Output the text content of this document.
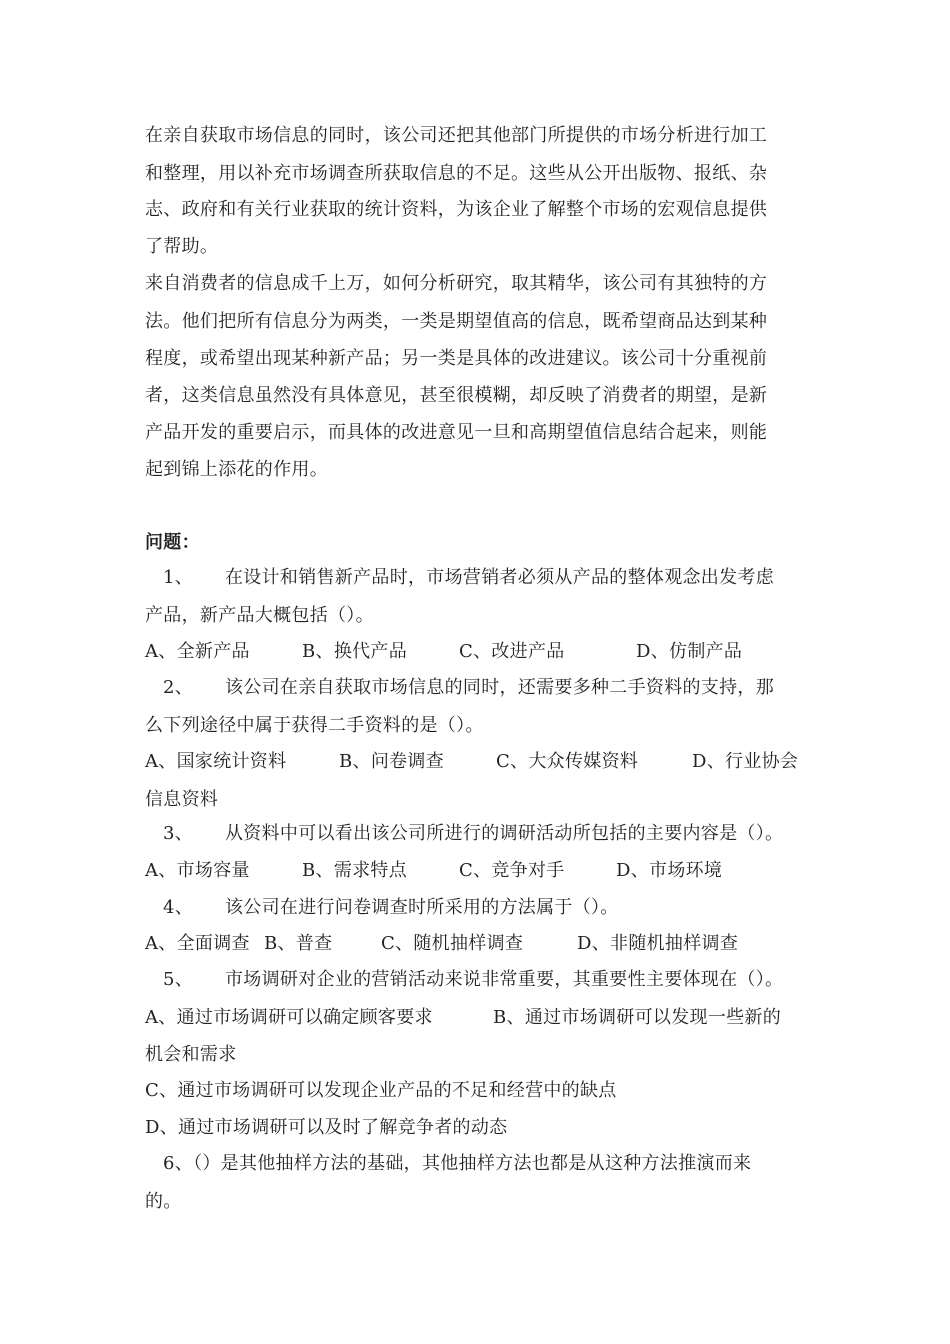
在亲自获取市场信息的同时，该公司还把其他部门所提供的市场分析进行加工
和整理，用以补充市场调查所获取信息的不足。这些从公开出版物、报纸、杂
志、政府和有关行业获取的统计资料，为该企业了解整个市场的宏观信息提供
了帮助。
来自消费者的信息成千上万，如何分析研究，取其精华，该公司有其独特的方
法。他们把所有信息分为两类，一类是期望值高的信息，既希望商品达到某种
程度，或希望出现某种新产品；另一类是具体的改进建议。该公司十分重视前
者，这类信息虽然没有具体意见，甚至很模糊，却反映了消费者的期望，是新
产品开发的重要启示，而具体的改进意见一旦和高期望值信息结合起来，则能
起到锦上添花的作用。
问题：
1、 在设计和销售新产品时，市场营销者必须从产品的整体观念出发考虑
产品，新产品大概包括（）。
A、全新产品	B、换代产品	C、改进产品	D、仿制产品
2、 该公司在亲自获取市场信息的同时，还需要多种二手资料的支持，那
么下列途径中属于获得二手资料的是（）。
A、国家统计资料	B、问卷调查	C、大众传媒资料	D、行业协会
信息资料
3、 从资料中可以看出该公司所进行的调研活动所包括的主要内容是（）。
A、市场容量	B、需求特点	C、竞争对手	D、市场环境
4、 该公司在进行问卷调查时所采用的方法属于（）。
A、全面调查 B、普查	C、随机抽样调查	D、非随机抽样调查
5、 市场调研对企业的营销活动来说非常重要，其重要性主要体现在（）。
A、通过市场调研可以确定顾客要求	B、通过市场调研可以发现一些新的
机会和需求
C、通过市场调研可以发现企业产品的不足和经营中的缺点
D、通过市场调研可以及时了解竞争者的动态
6、（）是其他抽样方法的基础，其他抽样方法也都是从这种方法推演而来
的。
